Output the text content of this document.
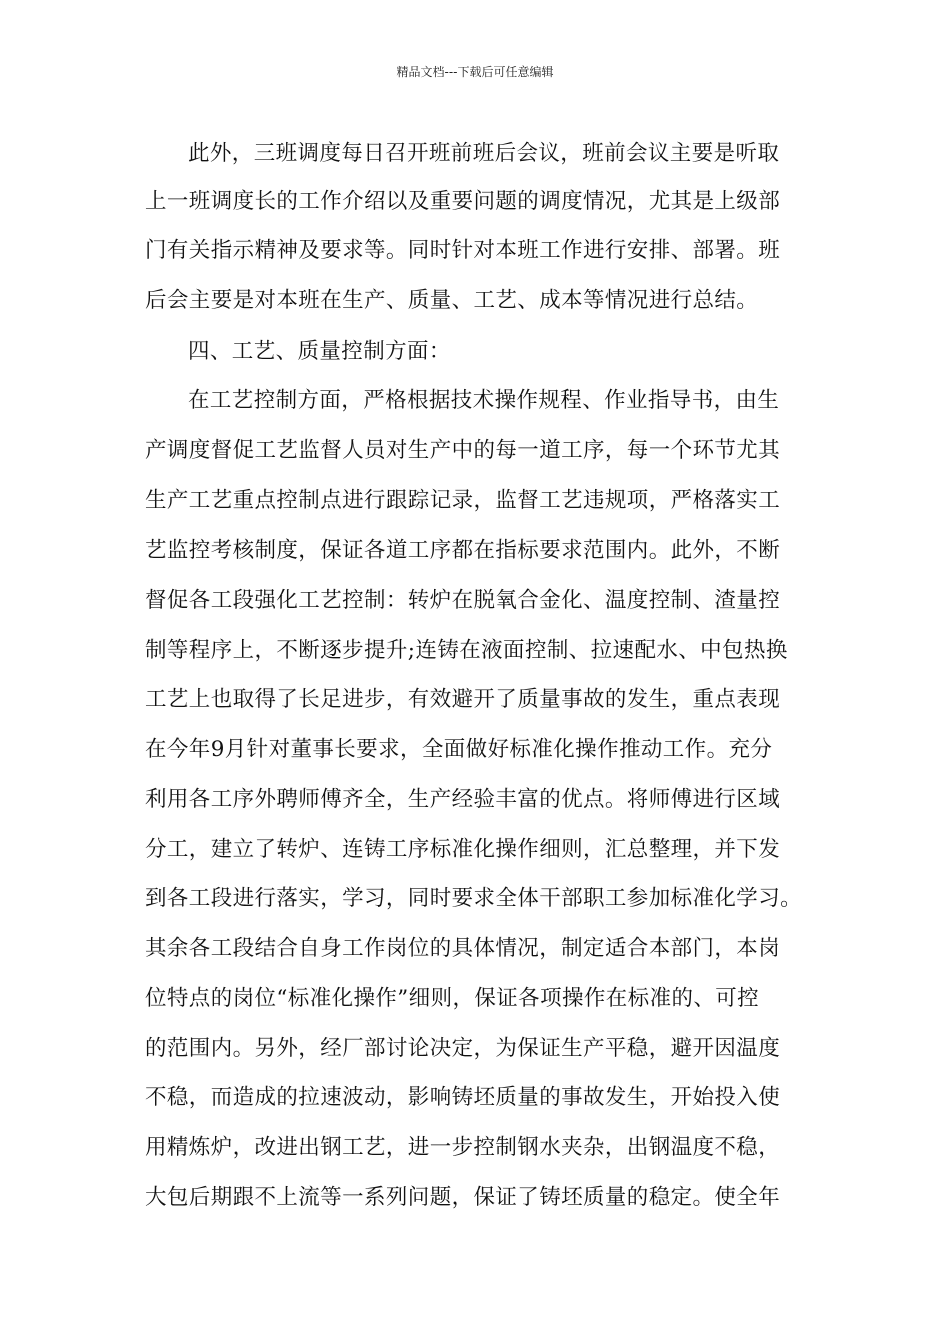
精品文档---下载后可任意编辑
此外，三班调度每日召开班前班后会议，班前会议主要是听取
上一班调度长的工作介绍以及重要问题的调度情况，尤其是上级部
门有关指示精神及要求等。同时针对本班工作进行安排、部署。班
后会主要是对本班在生产、质量、工艺、成本等情况进行总结。
四、工艺、质量控制方面：
在工艺控制方面，严格根据技术操作规程、作业指导书，由生
产调度督促工艺监督人员对生产中的每一道工序，每一个环节尤其
生产工艺重点控制点进行跟踪记录，监督工艺违规项，严格落实工
艺监控考核制度，保证各道工序都在指标要求范围内。此外，不断
督促各工段强化工艺控制：转炉在脱氧合金化、温度控制、渣量控
制等程序上，不断逐步提升;连铸在液面控制、拉速配水、中包热换
工艺上也取得了长足进步，有效避开了质量事故的发生，重点表现
在今年9月针对董事长要求，全面做好标准化操作推动工作。充分
利用各工序外聘师傅齐全，生产经验丰富的优点。将师傅进行区域
分工，建立了转炉、连铸工序标准化操作细则，汇总整理，并下发
到各工段进行落实，学习，同时要求全体干部职工参加标准化学习。
其余各工段结合自身工作岗位的具体情况，制定适合本部门，本岗
位特点的岗位“标准化操作”细则，保证各项操作在标准的、可控
的范围内。另外，经厂部讨论决定，为保证生产平稳，避开因温度
不稳，而造成的拉速波动，影响铸坯质量的事故发生，开始投入使
用精炼炉，改进出钢工艺，进一步控制钢水夹杂，出钢温度不稳，
大包后期跟不上流等一系列问题，保证了铸坯质量的稳定。使全年
